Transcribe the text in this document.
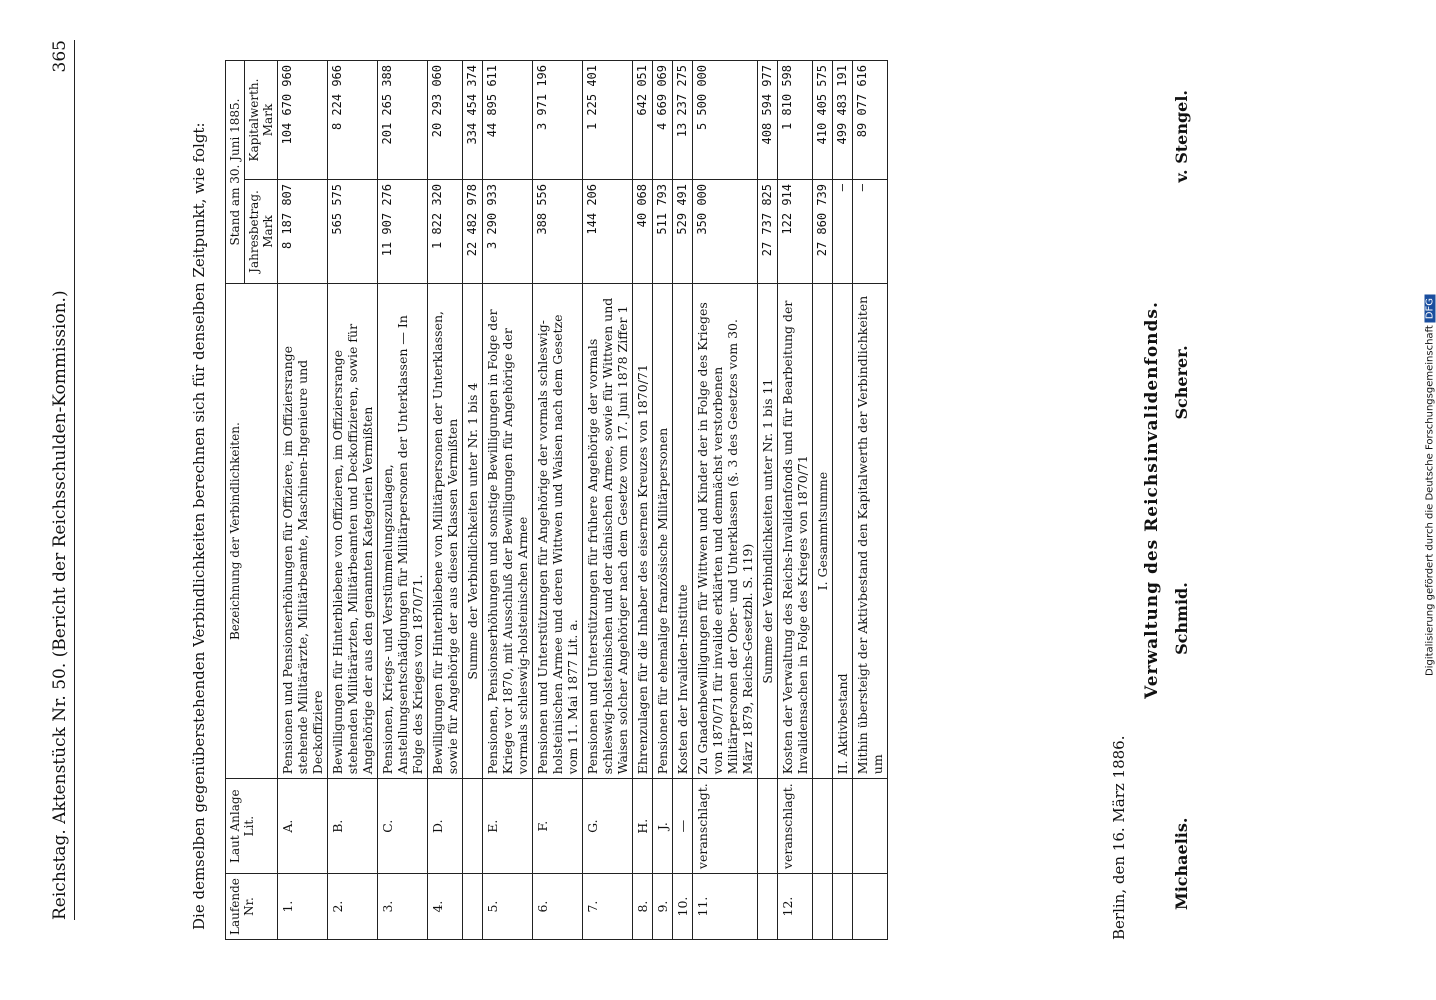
Reichstag. Aktenstück Nr. 50. (Bericht der Reichsschulden-Kommission.)
365
Die demselben gegenüberstehenden Verbindlichkeiten berechnen sich für denselben Zeitpunkt, wie folgt: Laufende Nr.	Laut Anlage Lit.	Bezeichnung der Verbindlichkeiten.	Stand am 30. Juni 1885.	
			Jahresbetrag. Mark	Kapitalwerth. Mark
1.	A.	Pensionen und Pensionserhöhungen für Offiziere, im Offiziersrange stehende Militärärzte, Militärbeamte, Maschinen-Ingenieure und Deckoffiziere	8 187 807	104 670 960
2.	B.	Bewilligungen für Hinterbliebene von Offizieren, im Offiziersrange stehenden Militärärzten, Militärbeamten und Deckoffizieren, sowie für Angehörige der aus den genannten Kategorien Vermißten	565 575	8 224 966
3.	C.	Pensionen, Kriegs- und Verstümmelungszulagen, Anstellungsentschädigungen für Militärpersonen der Unterklassen — In Folge des Krieges von 1870/71.	11 907 276	201 265 388
4.	D.	Bewilligungen für Hinterbliebene von Militärpersonen der Unterklassen, sowie für Angehörige der aus diesen Klassen Vermißten	1 822 320	20 293 060
		Summe der Verbindlichkeiten unter Nr. 1 bis 4	22 482 978	334 454 374
5.	E.	Pensionen, Pensionserhöhungen und sonstige Bewilligungen in Folge der Kriege vor 1870, mit Ausschluß der Bewilligungen für Angehörige der vormals schleswig-holsteinischen Armee	3 290 933	44 895 611
6.	F.	Pensionen und Unterstützungen für Angehörige der vormals schleswig-holsteinischen Armee und deren Wittwen und Waisen nach dem Gesetze vom 11. Mai 1877 Lit. a.	388 556	3 971 196
7.	G.	Pensionen und Unterstützungen für frühere Angehörige der vormals schleswig-holsteinischen und der dänischen Armee, sowie für Wittwen und Waisen solcher Angehöriger nach dem Gesetze vom 17. Juni 1878 Ziffer 1	144 206	1 225 401
8.	H.	Ehrenzulagen für die Inhaber des eisernen Kreuzes von 1870/71	40 068	642 051
9.	J.	Pensionen für ehemalige französische Militärpersonen	511 793	4 669 069
10.	—	Kosten der Invaliden-Institute	529 491	13 237 275
11.	veranschlagt.	Zu Gnadenbewilligungen für Wittwen und Kinder der in Folge des Krieges von 1870/71 für invalide erklärten und demnächst verstorbenen Militärpersonen der Ober- und Unterklassen (§. 3 des Gesetzes vom 30. März 1879, Reichs-Gesetzbl. S. 119)	350 000	5 500 000
		Summe der Verbindlichkeiten unter Nr. 1 bis 11	27 737 825	408 594 977
12.	veranschlagt.	Kosten der Verwaltung des Reichs-Invalidenfonds und für Bearbeitung der Invalidensachen in Folge des Krieges von 1870/71	122 914	1 810 598
		I. Gesammtsumme	27 860 739	410 405 575
		II. Aktivbestand	—	499 483 191
		Mithin übersteigt der Aktivbestand den Kapitalwerth der Verbindlichkeiten um	—	89 077 616
Berlin, den 16. März 1886.
Verwaltung des Reichsinvalidenfonds.
Michaelis.
Schmid.
Scherer.
v. Stengel.
Digitalisierung gefördert durch die Deutsche ForschungsgemeinschaftDFG
